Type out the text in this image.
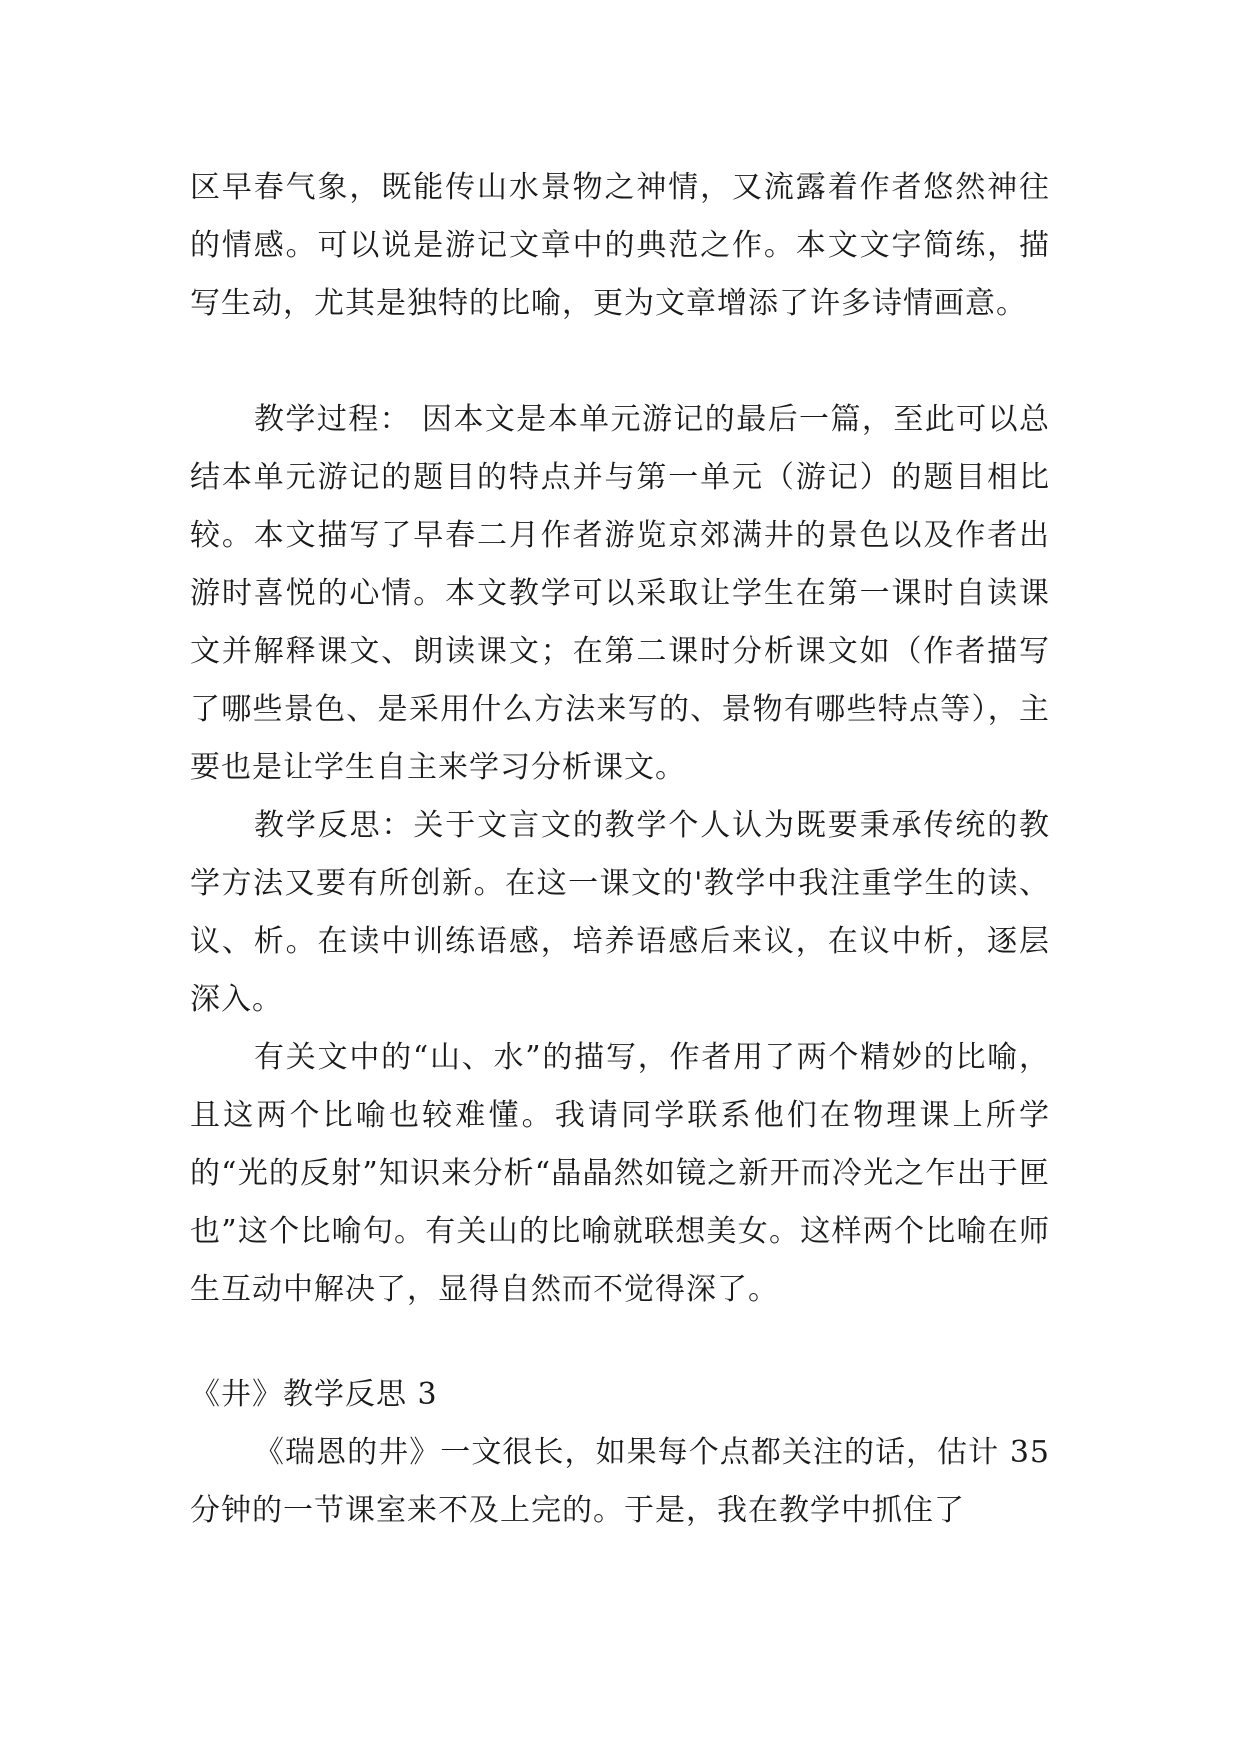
区早春气象，既能传山水景物之神情，又流露着作者悠然神往的情感。可以说是游记文章中的典范之作。本文文字简练，描写生动，尤其是独特的比喻，更为文章增添了许多诗情画意。

教学过程： 因本文是本单元游记的最后一篇，至此可以总结本单元游记的题目的特点并与第一单元（游记）的题目相比较。本文描写了早春二月作者游览京郊满井的景色以及作者出游时喜悦的心情。本文教学可以采取让学生在第一课时自读课文并解释课文、朗读课文；在第二课时分析课文如（作者描写了哪些景色、是采用什么方法来写的、景物有哪些特点等），主要也是让学生自主来学习分析课文。

教学反思：关于文言文的教学个人认为既要秉承传统的教学方法又要有所创新。在这一课文的'教学中我注重学生的读、议、析。在读中训练语感，培养语感后来议，在议中析，逐层深入。

有关文中的“山、水”的描写，作者用了两个精妙的比喻，且这两个比喻也较难懂。我请同学联系他们在物理课上所学的“光的反射”知识来分析“晶晶然如镜之新开而冷光之乍出于匣也”这个比喻句。有关山的比喻就联想美女。这样两个比喻在师生互动中解决了，显得自然而不觉得深了。

《井》教学反思 3

《瑞恩的井》一文很长，如果每个点都关注的话，估计 35 分钟的一节课室来不及上完的。于是，我在教学中抓住了
